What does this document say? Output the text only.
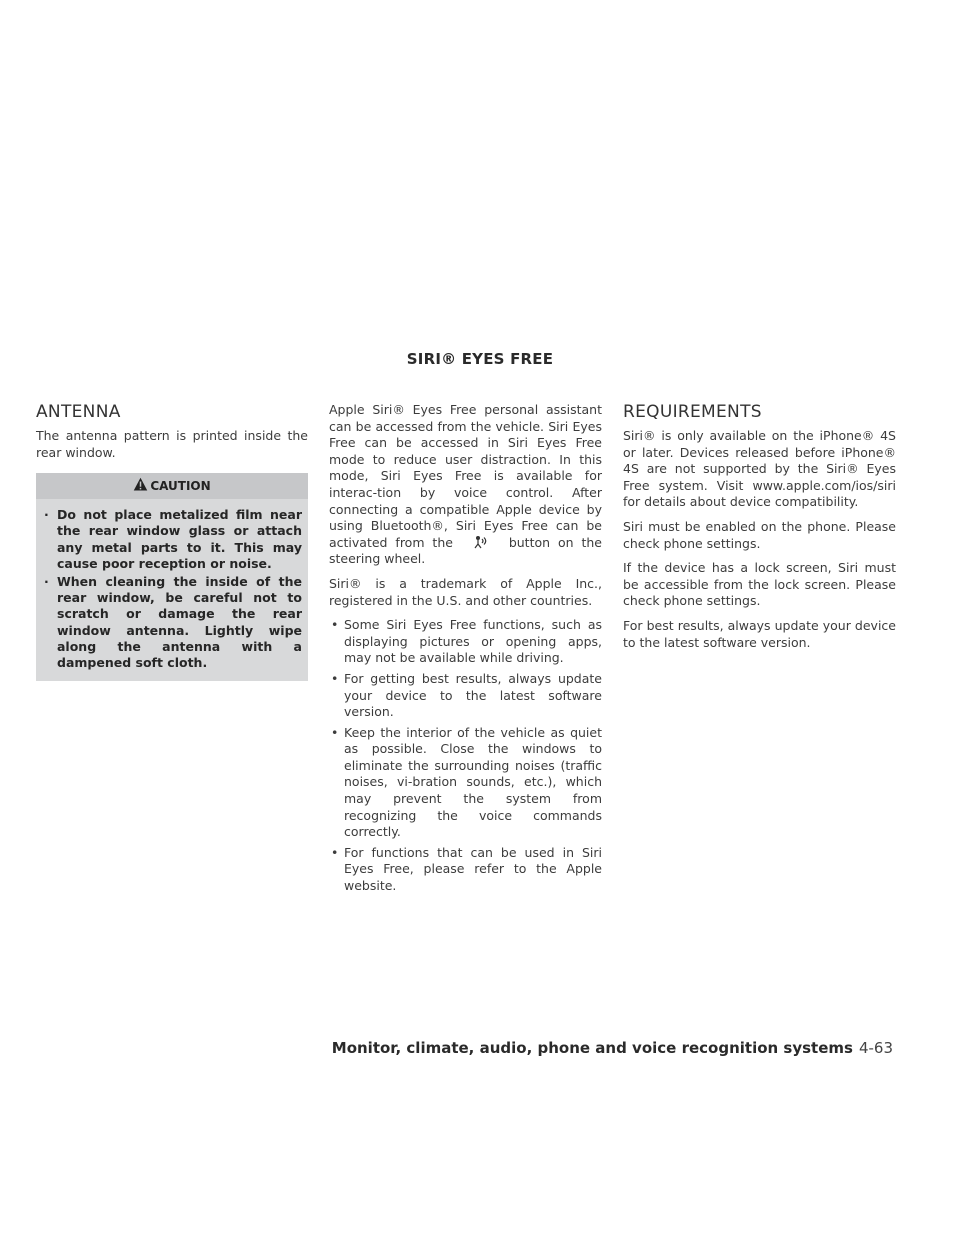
SIRI® EYES FREE
ANTENNA

The antenna pattern is printed inside the rear window.

CAUTION
· Do not place metalized film near the rear window glass or attach any metal parts to it. This may cause poor reception or noise.
· When cleaning the inside of the rear window, be careful not to scratch or damage the rear window antenna. Lightly wipe along the antenna with a dampened soft cloth.

Apple Siri® Eyes Free personal assistant can be accessed from the vehicle. Siri Eyes Free can be accessed in Siri Eyes Free mode to reduce user distraction. In this mode, Siri Eyes Free is available for interac-tion by voice control. After connecting a compatible Apple device by using Bluetooth®, Siri Eyes Free can be activated from the	button on the steering wheel.

Siri® is a trademark of Apple Inc., registered in the U.S. and other countries.

• Some Siri Eyes Free functions, such as displaying pictures or opening apps, may not be available while driving.
• For getting best results, always update your device to the latest software version.
• Keep the interior of the vehicle as quiet as possible. Close the windows to eliminate the surrounding noises (traffic noises, vi-bration sounds, etc.), which may prevent the system from recognizing the voice commands correctly.
• For functions that can be used in Siri Eyes Free, please refer to the Apple website.
REQUIREMENTS

Siri® is only available on the iPhone® 4S or later. Devices released before iPhone® 4S are not supported by the Siri® Eyes Free system. Visit www.apple.com/ios/siri for details about device compatibility.

Siri must be enabled on the phone. Please check phone settings.

If the device has a lock screen, Siri must be accessible from the lock screen. Please check phone settings.

For best results, always update your device to the latest software version.

Monitor, climate, audio, phone and voice recognition systems 4-63
